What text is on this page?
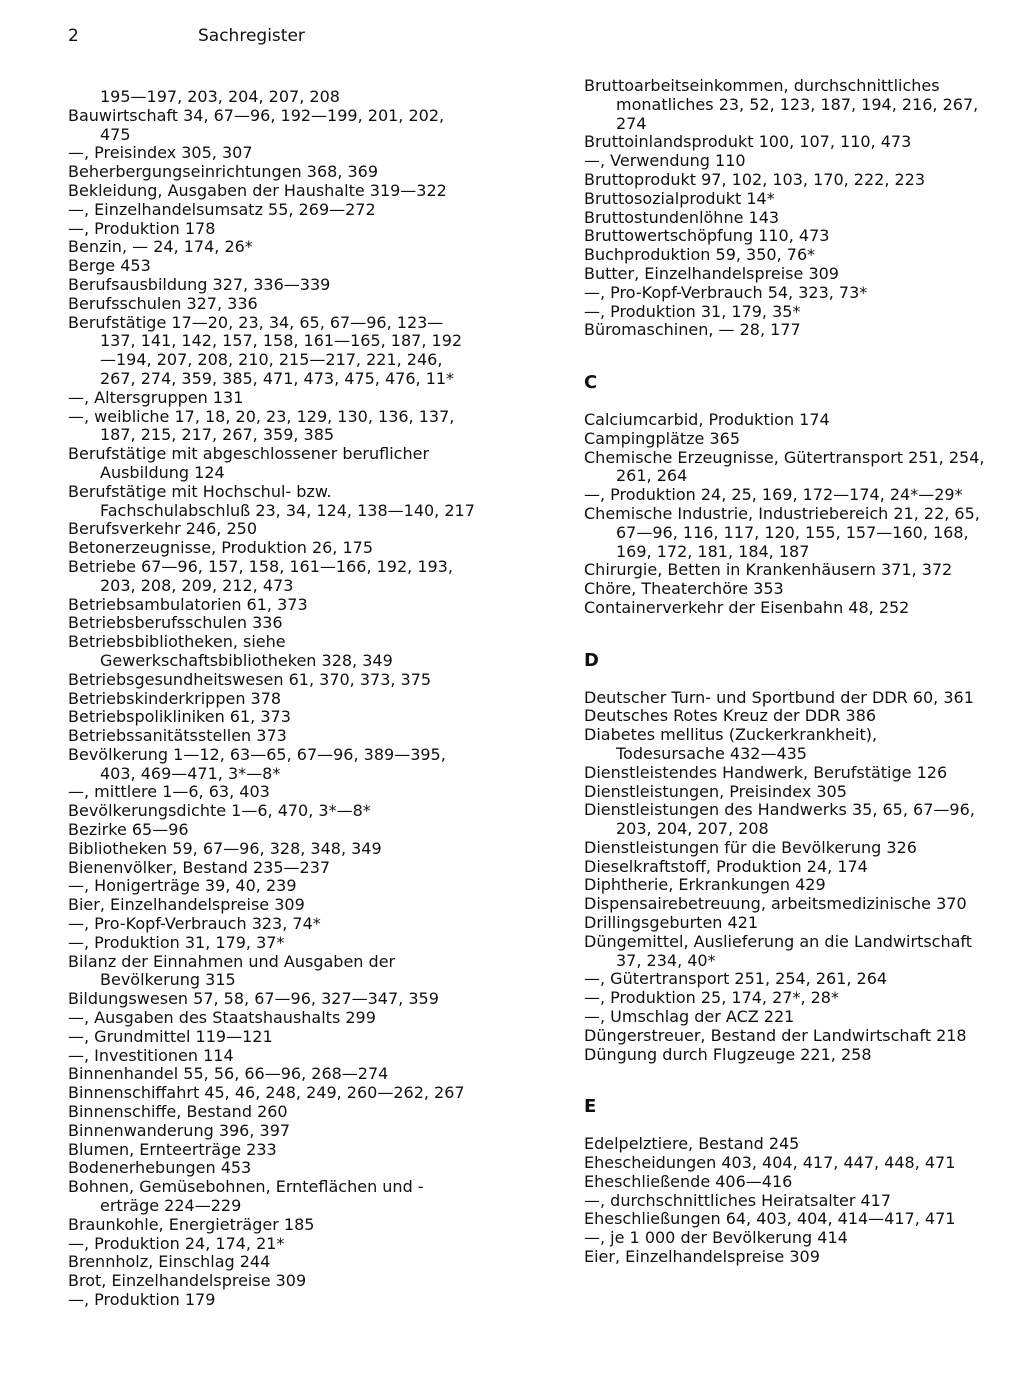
2	Sachregister
195—197, 203, 204, 207, 208
Bauwirtschaft 34, 67—96, 192—199, 201, 202, 475
—, Preisindex 305, 307
Beherbergungseinrichtungen 368, 369
Bekleidung, Ausgaben der Haushalte 319—322
—, Einzelhandelsumsatz 55, 269—272
—, Produktion 178
Benzin, — 24, 174, 26*
Berge 453
Berufsausbildung 327, 336—339
Berufsschulen 327, 336
Berufstätige 17—20, 23, 34, 65, 67—96, 123—137, 141, 142, 157, 158, 161—165, 187, 192—194, 207, 208, 210, 215—217, 221, 246, 267, 274, 359, 385, 471, 473, 475, 476, 11*
—, Altersgruppen 131
—, weibliche 17, 18, 20, 23, 129, 130, 136, 137, 187, 215, 217, 267, 359, 385
Berufstätige mit abgeschlossener beruflicher Ausbildung 124
Berufstätige mit Hochschul- bzw. Fachschulabschluß 23, 34, 124, 138—140, 217
Berufsverkehr 246, 250
Betonerzeugnisse, Produktion 26, 175
Betriebe 67—96, 157, 158, 161—166, 192, 193, 203, 208, 209, 212, 473
Betriebsambulatorien 61, 373
Betriebsberufsschulen 336
Betriebsbibliotheken, siehe Gewerkschaftsbibliotheken 328, 349
Betriebsgesundheitswesen 61, 370, 373, 375
Betriebskinderkrippen 378
Betriebspolikliniken 61, 373
Betriebssanitätsstellen 373
Bevölkerung 1—12, 63—65, 67—96, 389—395, 403, 469—471, 3*—8*
—, mittlere 1—6, 63, 403
Bevölkerungsdichte 1—6, 470, 3*—8*
Bezirke 65—96
Bibliotheken 59, 67—96, 328, 348, 349
Bienenvölker, Bestand 235—237
—, Honigerträge 39, 40, 239
Bier, Einzelhandelspreise 309
—, Pro-Kopf-Verbrauch 323, 74*
—, Produktion 31, 179, 37*
Bilanz der Einnahmen und Ausgaben der Bevölkerung 315
Bildungswesen 57, 58, 67—96, 327—347, 359
—, Ausgaben des Staatshaushalts 299
—, Grundmittel 119—121
—, Investitionen 114
Binnenhandel 55, 56, 66—96, 268—274
Binnenschiffahrt 45, 46, 248, 249, 260—262, 267
Binnenschiffe, Bestand 260
Binnenwanderung 396, 397
Blumen, Ernteerträge 233
Bodenerhebungen 453
Bohnen, Gemüsebohnen, Ernteflächen und -erträge 224—229
Braunkohle, Energieträger 185
—, Produktion 24, 174, 21*
Brennholz, Einschlag 244
Brot, Einzelhandelspreise 309
—, Produktion 179
Bruttoarbeitseinkommen, durchschnittliches monatliches 23, 52, 123, 187, 194, 216, 267, 274
Bruttoinlandsprodukt 100, 107, 110, 473
—, Verwendung 110
Bruttoprodukt 97, 102, 103, 170, 222, 223
Bruttosozialprodukt 14*
Bruttostundenlöhne 143
Bruttowertschöpfung 110, 473
Buchproduktion 59, 350, 76*
Butter, Einzelhandelspreise 309
—, Pro-Kopf-Verbrauch 54, 323, 73*
—, Produktion 31, 179, 35*
Büromaschinen, — 28, 177
C
Calciumcarbid, Produktion 174
Campingplätze 365
Chemische Erzeugnisse, Gütertransport 251, 254, 261, 264
—, Produktion 24, 25, 169, 172—174, 24*—29*
Chemische Industrie, Industriebereich 21, 22, 65, 67—96, 116, 117, 120, 155, 157—160, 168, 169, 172, 181, 184, 187
Chirurgie, Betten in Krankenhäusern 371, 372
Chöre, Theaterchöre 353
Containerverkehr der Eisenbahn 48, 252
D
Deutscher Turn- und Sportbund der DDR 60, 361
Deutsches Rotes Kreuz der DDR 386
Diabetes mellitus (Zuckerkrankheit), Todesursache 432—435
Dienstleistendes Handwerk, Berufstätige 126
Dienstleistungen, Preisindex 305
Dienstleistungen des Handwerks 35, 65, 67—96, 203, 204, 207, 208
Dienstleistungen für die Bevölkerung 326
Dieselkraftstoff, Produktion 24, 174
Diphtherie, Erkrankungen 429
Dispensairebetreuung, arbeitsmedizinische 370
Drillingsgeburten 421
Düngemittel, Auslieferung an die Landwirtschaft 37, 234, 40*
—, Gütertransport 251, 254, 261, 264
—, Produktion 25, 174, 27*, 28*
—, Umschlag der ACZ 221
Düngerstreuer, Bestand der Landwirtschaft 218
Düngung durch Flugzeuge 221, 258
E
Edelpelztiere, Bestand 245
Ehescheidungen 403, 404, 417, 447, 448, 471
Eheschließende 406—416
—, durchschnittliches Heiratsalter 417
Eheschließungen 64, 403, 404, 414—417, 471
—, je 1 000 der Bevölkerung 414
Eier, Einzelhandelspreise 309
